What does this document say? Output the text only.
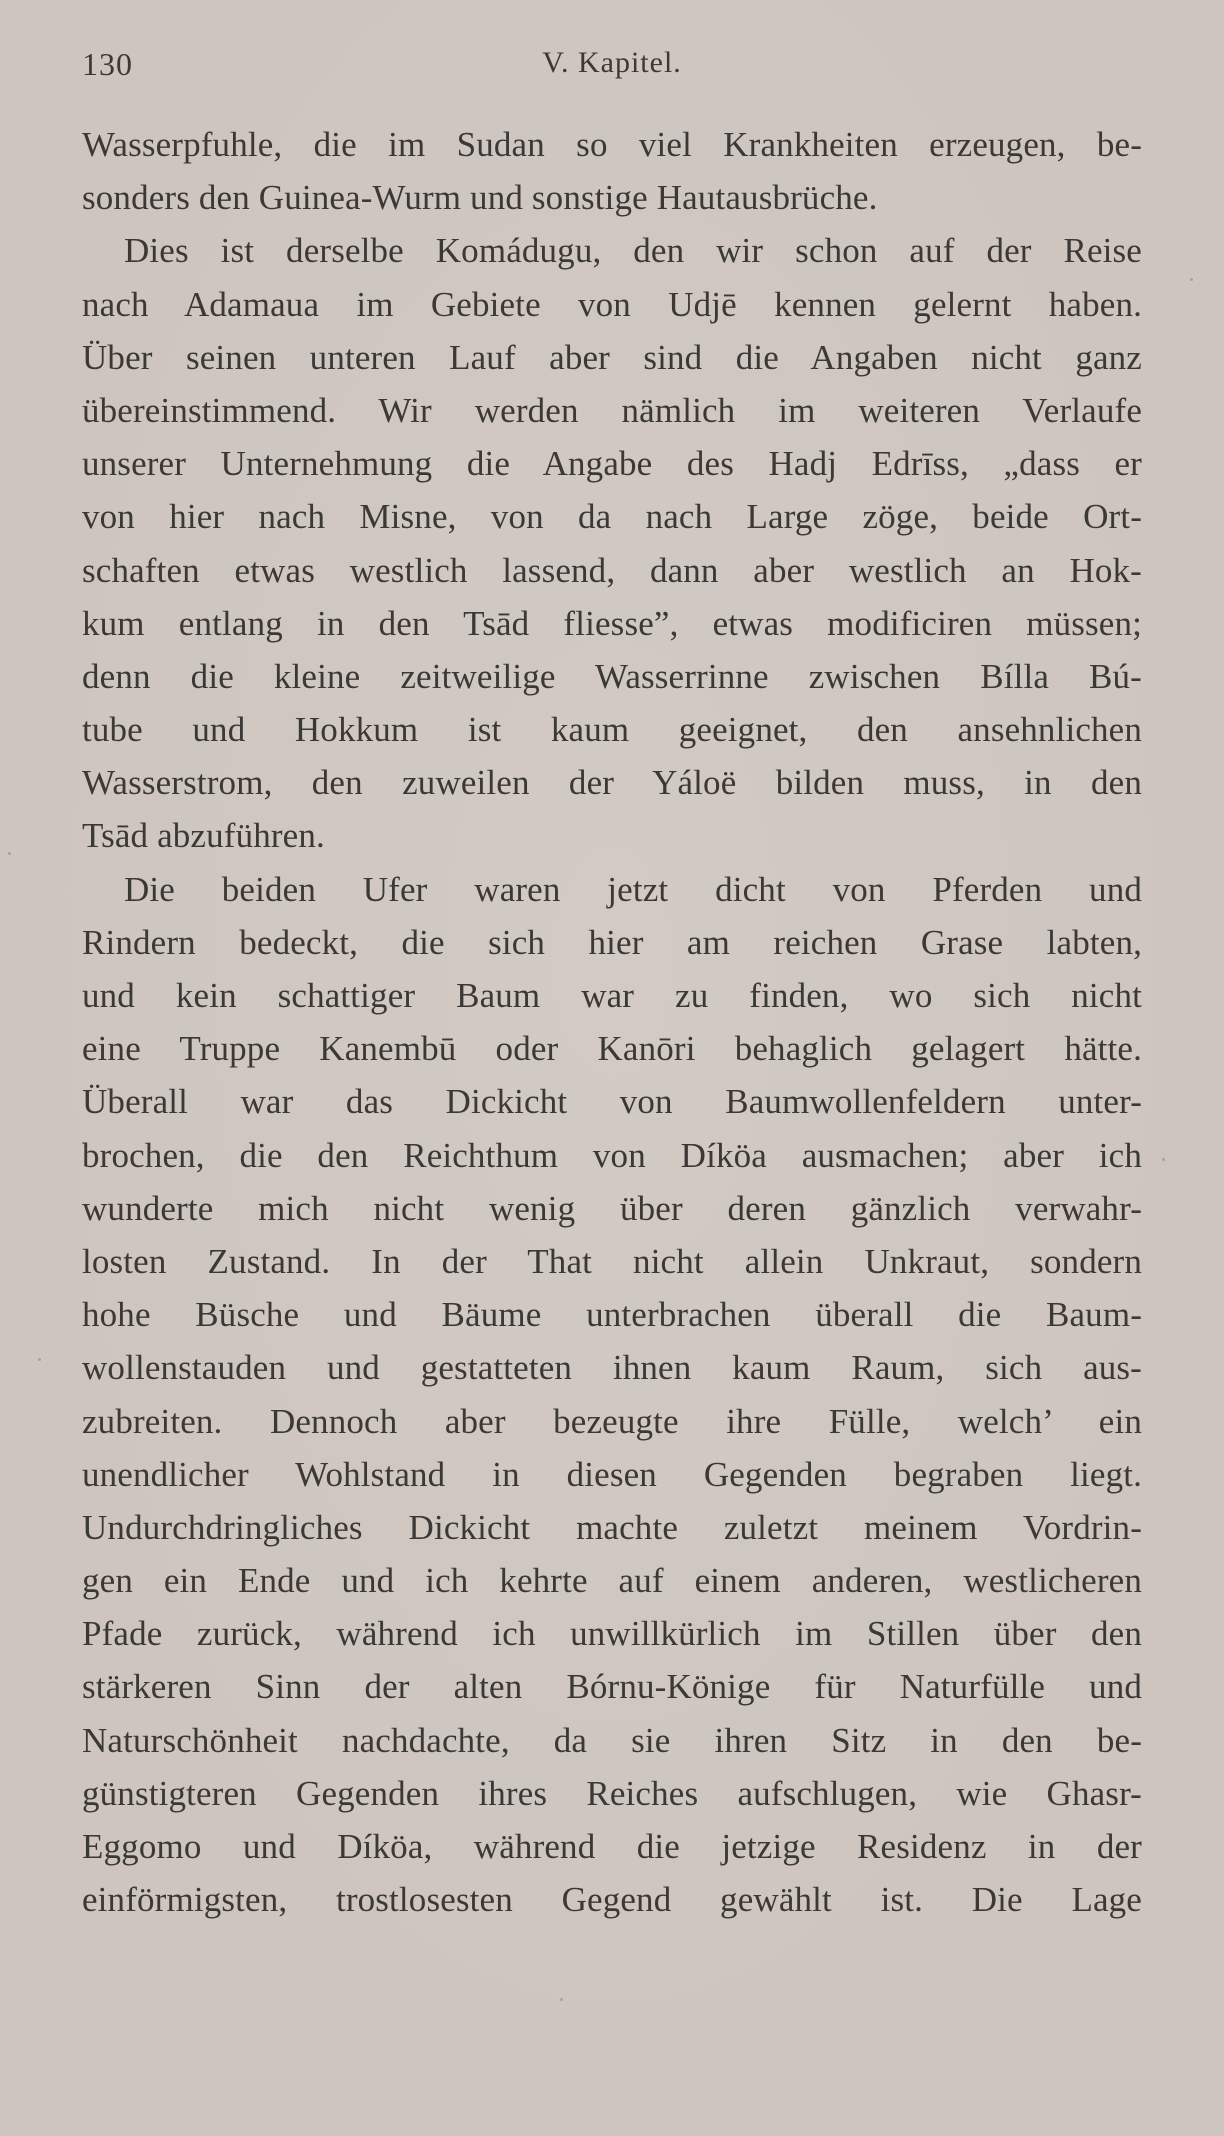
130	V. Kapitel.
Wasserpfuhle, die im Sudan so viel Krankheiten erzeugen, be-
sonders den Guinea-Wurm und sonstige Hautausbrüche.
Dies ist derselbe Komádugu, den wir schon auf der Reise
nach Adamaua im Gebiete von Udjē kennen gelernt haben.
Über seinen unteren Lauf aber sind die Angaben nicht ganz
übereinstimmend. Wir werden nämlich im weiteren Verlaufe
unserer Unternehmung die Angabe des Hadj Edrīss, „dass er
von hier nach Misne, von da nach Large zöge, beide Ort-
schaften etwas westlich lassend, dann aber westlich an Hok-
kum entlang in den Tsād fliesse”, etwas modificiren müssen;
denn die kleine zeitweilige Wasserrinne zwischen Bílla Bú-
tube und Hokkum ist kaum geeignet, den ansehnlichen
Wasserstrom, den zuweilen der Yáloë bilden muss, in den
Tsād abzuführen.
Die beiden Ufer waren jetzt dicht von Pferden und
Rindern bedeckt, die sich hier am reichen Grase labten,
und kein schattiger Baum war zu finden, wo sich nicht
eine Truppe Kanembū oder Kanōri behaglich gelagert hätte.
Überall war das Dickicht von Baumwollenfeldern unter-
brochen, die den Reichthum von Díköa ausmachen; aber ich
wunderte mich nicht wenig über deren gänzlich verwahr-
losten Zustand. In der That nicht allein Unkraut, sondern
hohe Büsche und Bäume unterbrachen überall die Baum-
wollenstauden und gestatteten ihnen kaum Raum, sich aus-
zubreiten. Dennoch aber bezeugte ihre Fülle, welch’ ein
unendlicher Wohlstand in diesen Gegenden begraben liegt.
Undurchdringliches Dickicht machte zuletzt meinem Vordrin-
gen ein Ende und ich kehrte auf einem anderen, westlicheren
Pfade zurück, während ich unwillkürlich im Stillen über den
stärkeren Sinn der alten Bórnu-Könige für Naturfülle und
Naturschönheit nachdachte, da sie ihren Sitz in den be-
günstigteren Gegenden ihres Reiches aufschlugen, wie Ghasr-
Eggomo und Díköa, während die jetzige Residenz in der
einförmigsten, trostlosesten Gegend gewählt ist. Die Lage
